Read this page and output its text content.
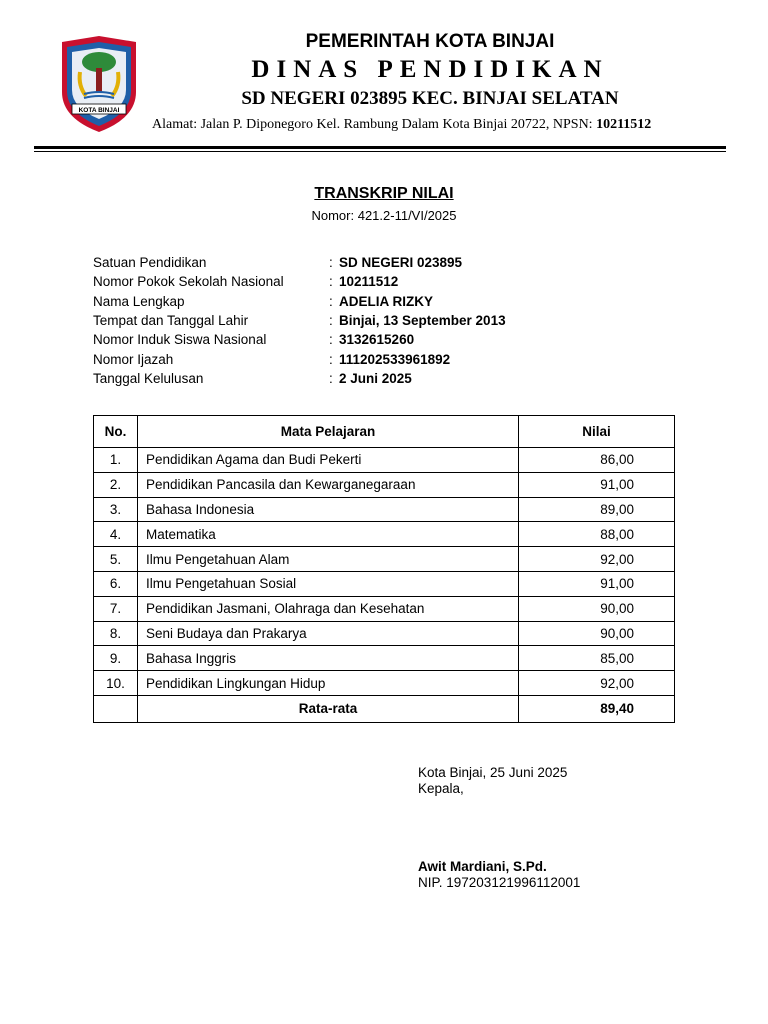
KOTA BINJAI
PEMERINTAH KOTA BINJAI
DINAS PENDIDIKAN
SD NEGERI 023895 KEC. BINJAI SELATAN
Alamat: Jalan P. Diponegoro Kel. Rambung Dalam Kota Binjai 20722, NPSN: 10211512
TRANSKRIP NILAI
Nomor: 421.2-11/VI/2025
Satuan Pendidikan	: SD NEGERI 023895
Nomor Pokok Sekolah Nasional	: 10211512
Nama Lengkap	: ADELIA RIZKY
Tempat dan Tanggal Lahir	: Binjai, 13 September 2013
Nomor Induk Siswa Nasional	: 3132615260
Nomor Ijazah	: 111202533961892
Tanggal Kelulusan	: 2 Juni 2025
No.	Mata Pelajaran	Nilai
1.	Pendidikan Agama dan Budi Pekerti	86,00
2.	Pendidikan Pancasila dan Kewarganegaraan	91,00
3.	Bahasa Indonesia	89,00
4.	Matematika	88,00
5.	Ilmu Pengetahuan Alam	92,00
6.	Ilmu Pengetahuan Sosial	91,00
7.	Pendidikan Jasmani, Olahraga dan Kesehatan	90,00
8.	Seni Budaya dan Prakarya	90,00
9.	Bahasa Inggris	85,00
10.	Pendidikan Lingkungan Hidup	92,00
	Rata-rata	89,40
Kota Binjai, 25 Juni 2025
Kepala,
Awit Mardiani, S.Pd.
NIP. 197203121996112001
